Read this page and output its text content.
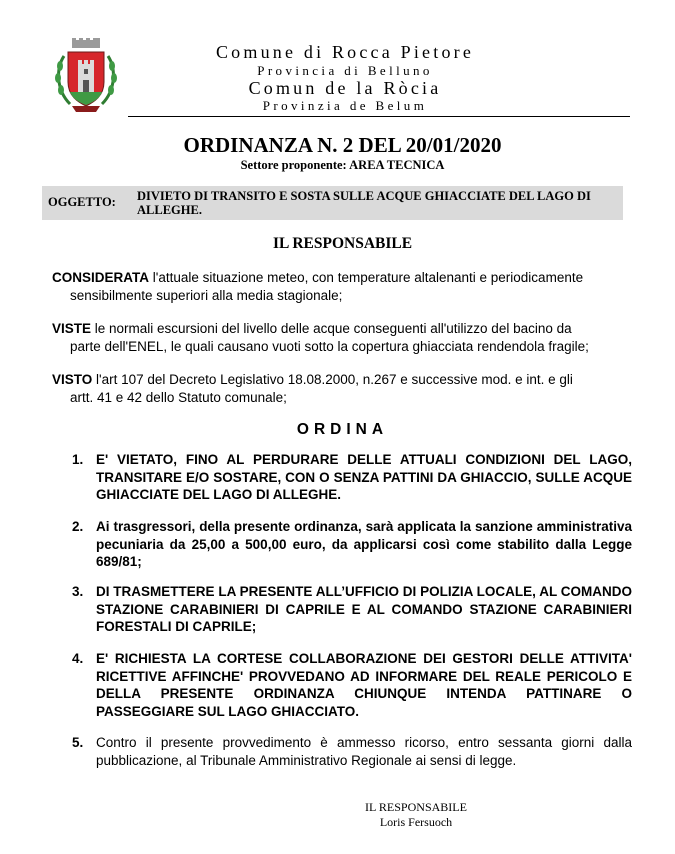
Comune di Rocca Pietore
Provincia di Belluno
Comun de la Ròcia
Provinzia de Belum
ORDINANZA N. 2 DEL 20/01/2020
Settore proponente: AREA TECNICA
OGGETTO: DIVIETO DI TRANSITO E SOSTA SULLE ACQUE GHIACCIATE DEL LAGO DI ALLEGHE.
IL RESPONSABILE
CONSIDERATA l'attuale situazione meteo, con temperature altalenanti e periodicamente
sensibilmente superiori alla media stagionale;
VISTE le normali escursioni del livello delle acque conseguenti all'utilizzo del bacino da
parte dell'ENEL, le quali causano vuoti sotto la copertura ghiacciata rendendola fragile;
VISTO l'art 107 del Decreto Legislativo 18.08.2000, n.267 e successive mod. e int. e gli
artt. 41 e 42 dello Statuto comunale;
ORDINA
1. E' VIETATO, FINO AL PERDURARE DELLE ATTUALI CONDIZIONI DEL LAGO, TRANSITARE E/O SOSTARE, CON O SENZA PATTINI DA GHIACCIO, SULLE ACQUE GHIACCIATE DEL LAGO DI ALLEGHE.
2. Ai trasgressori, della presente ordinanza, sarà applicata la sanzione amministrativa pecuniaria da 25,00 a 500,00 euro, da applicarsi così come stabilito dalla Legge 689/81;
3. DI TRASMETTERE LA PRESENTE ALL’UFFICIO DI POLIZIA LOCALE, AL COMANDO STAZIONE CARABINIERI DI CAPRILE E AL COMANDO STAZIONE CARABINIERI FORESTALI DI CAPRILE;
4. E' RICHIESTA LA CORTESE COLLABORAZIONE DEI GESTORI DELLE ATTIVITA' RICETTIVE AFFINCHE' PROVVEDANO AD INFORMARE DEL REALE PERICOLO E DELLA PRESENTE ORDINANZA CHIUNQUE INTENDA PATTINARE O PASSEGGIARE SUL LAGO GHIACCIATO.
5. Contro il presente provvedimento è ammesso ricorso, entro sessanta giorni dalla pubblicazione, al Tribunale Amministrativo Regionale ai sensi di legge.
IL RESPONSABILE
Loris Fersuoch
